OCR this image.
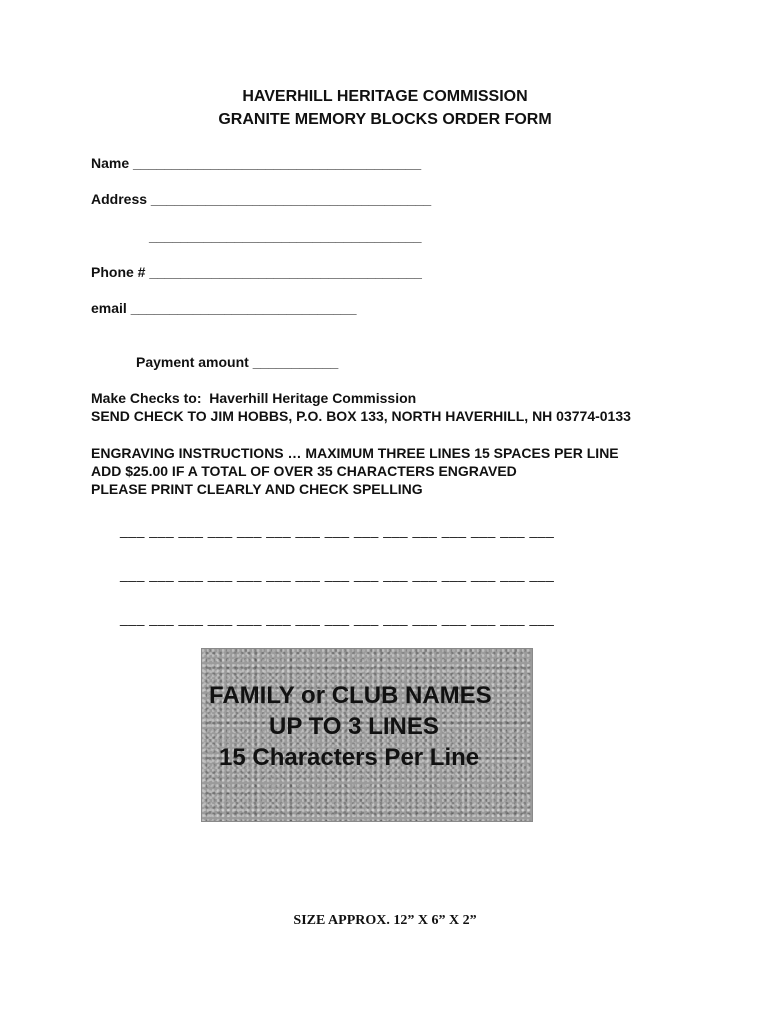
HAVERHILL HERITAGE COMMISSION
GRANITE MEMORY BLOCKS ORDER FORM
Name _____________________________________
Address ____________________________________
___________________________________
Phone # ___________________________________
email _____________________________
Payment amount ___________
Make Checks to:  Haverhill Heritage Commission
SEND CHECK TO JIM HOBBS, P.O. BOX 133, NORTH HAVERHILL, NH 03774-0133
ENGRAVING INSTRUCTIONS … MAXIMUM THREE LINES 15 SPACES PER LINE
ADD $25.00 IF A TOTAL OF OVER 35 CHARACTERS ENGRAVED
PLEASE PRINT CLEARLY AND CHECK SPELLING
___ ___ ___ ___ ___ ___ ___ ___ ___ ___ ___ ___ ___ ___ ___
___ ___ ___ ___ ___ ___ ___ ___ ___ ___ ___ ___ ___ ___ ___
___ ___ ___ ___ ___ ___ ___ ___ ___ ___ ___ ___ ___ ___ ___
FAMILY or CLUB NAMES
UP TO 3 LINES
15 Characters Per Line
SIZE APPROX. 12” X 6” X 2”
